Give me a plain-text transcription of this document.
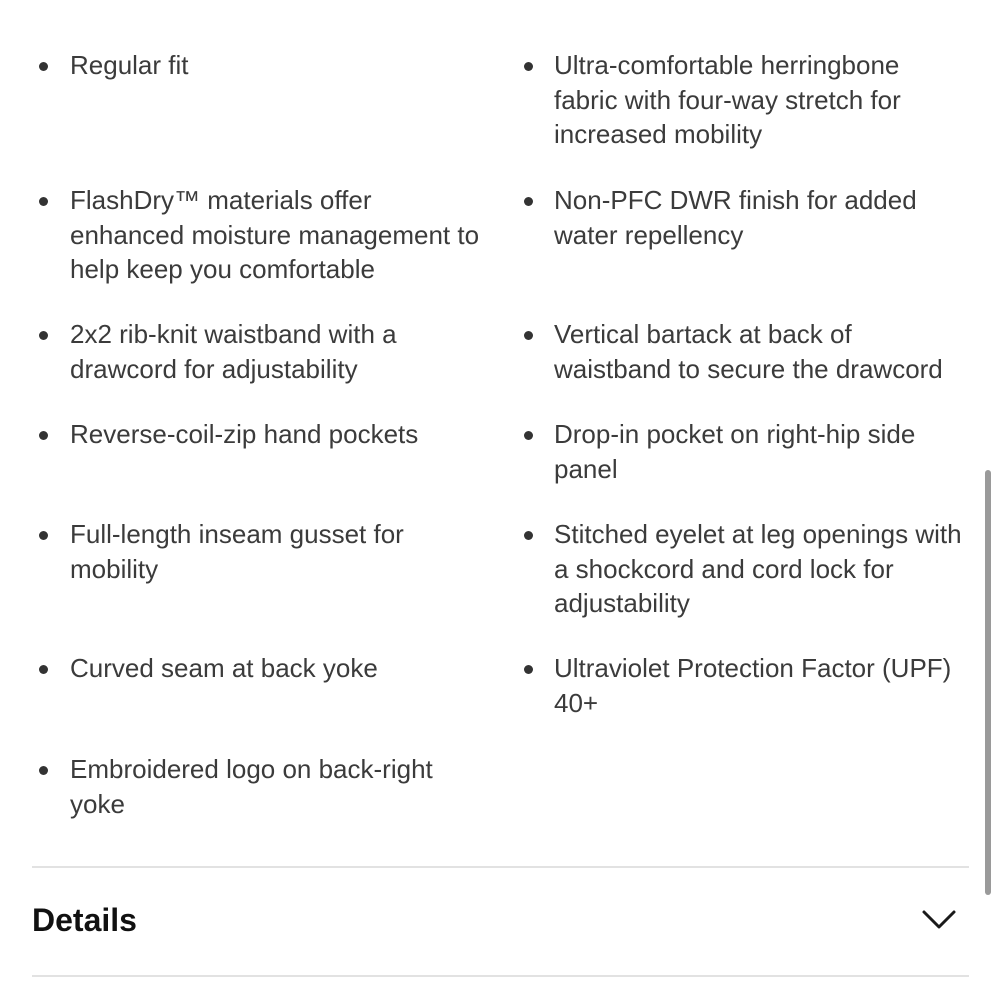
Regular fit	Ultra-comfortable herringbone fabric with four-way stretch for increased mobility
FlashDry™ materials offer enhanced moisture management to help keep you comfortable
Non-PFC DWR finish for added water repellency
2x2 rib-knit waistband with a drawcord for adjustability
Vertical bartack at back of waistband to secure the drawcord
Reverse-coil-zip hand pockets	Drop-in pocket on right-hip side panel
Full-length inseam gusset for mobility
Stitched eyelet at leg openings with a shockcord and cord lock for adjustability
Curved seam at back yoke	Ultraviolet Protection Factor (UPF) 40+
Embroidered logo on back-right yoke
Details
